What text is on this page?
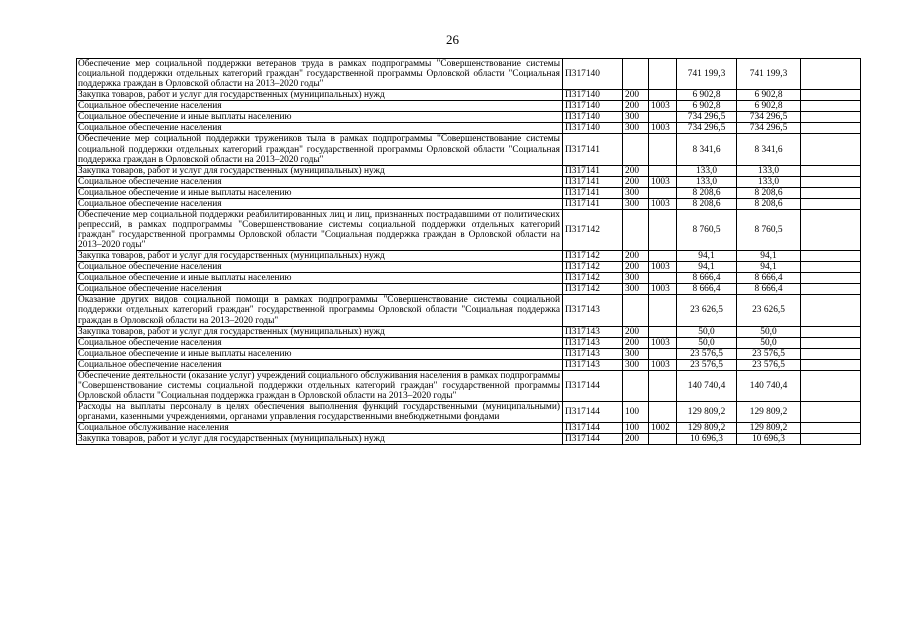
26
Обеспечение мер социальной поддержки ветеранов труда в рамках подпрограммы "Совершенствование системы социальной поддержки отдельных категорий граждан" государственной программы Орловской области "Социальная поддержка граждан в Орловской области на 2013–2020 годы"	П317140			741 199,3	741 199,3	
Закупка товаров, работ и услуг для государственных (муниципальных) нужд	П317140	200		6 902,8	6 902,8	
Социальное обеспечение населения	П317140	200	1003	6 902,8	6 902,8	
Социальное обеспечение и иные выплаты населению	П317140	300		734 296,5	734 296,5	
Социальное обеспечение населения	П317140	300	1003	734 296,5	734 296,5	
Обеспечение мер социальной поддержки тружеников тыла в рамках подпрограммы "Совершенствование системы социальной поддержки отдельных категорий граждан" государственной программы Орловской области "Социальная поддержка граждан в Орловской области на 2013–2020 годы"	П317141			8 341,6	8 341,6	
Закупка товаров, работ и услуг для государственных (муниципальных) нужд	П317141	200		133,0	133,0	
Социальное обеспечение населения	П317141	200	1003	133,0	133,0	
Социальное обеспечение и иные выплаты населению	П317141	300		8 208,6	8 208,6	
Социальное обеспечение населения	П317141	300	1003	8 208,6	8 208,6	
Обеспечение мер социальной поддержки реабилитированных лиц и лиц, признанных пострадавшими от политических репрессий, в рамках подпрограммы "Совершенствование системы социальной поддержки отдельных категорий граждан" государственной программы Орловской области "Социальная поддержка граждан в Орловской области на 2013–2020 годы"	П317142			8 760,5	8 760,5	
Закупка товаров, работ и услуг для государственных (муниципальных) нужд	П317142	200		94,1	94,1	
Социальное обеспечение населения	П317142	200	1003	94,1	94,1	
Социальное обеспечение и иные выплаты населению	П317142	300		8 666,4	8 666,4	
Социальное обеспечение населения	П317142	300	1003	8 666,4	8 666,4	
Оказание других видов социальной помощи в рамках подпрограммы "Совершенствование системы социальной поддержки отдельных категорий граждан" государственной программы Орловской области "Социальная поддержка граждан в Орловской области на 2013–2020 годы"	П317143			23 626,5	23 626,5	
Закупка товаров, работ и услуг для государственных (муниципальных) нужд	П317143	200		50,0	50,0	
Социальное обеспечение населения	П317143	200	1003	50,0	50,0	
Социальное обеспечение и иные выплаты населению	П317143	300		23 576,5	23 576,5	
Социальное обеспечение населения	П317143	300	1003	23 576,5	23 576,5	
Обеспечение деятельности (оказание услуг) учреждений социального обслуживания населения в рамках подпрограммы "Совершенствование системы социальной поддержки отдельных категорий граждан" государственной программы Орловской области "Социальная поддержка граждан в Орловской области на 2013–2020 годы"	П317144			140 740,4	140 740,4	
Расходы на выплаты персоналу в целях обеспечения выполнения функций государственными (муниципальными) органами, казенными учреждениями, органами управления государственными внебюджетными фондами	П317144	100		129 809,2	129 809,2	
Социальное обслуживание населения	П317144	100	1002	129 809,2	129 809,2	
Закупка товаров, работ и услуг для государственных (муниципальных) нужд	П317144	200		10 696,3	10 696,3	
